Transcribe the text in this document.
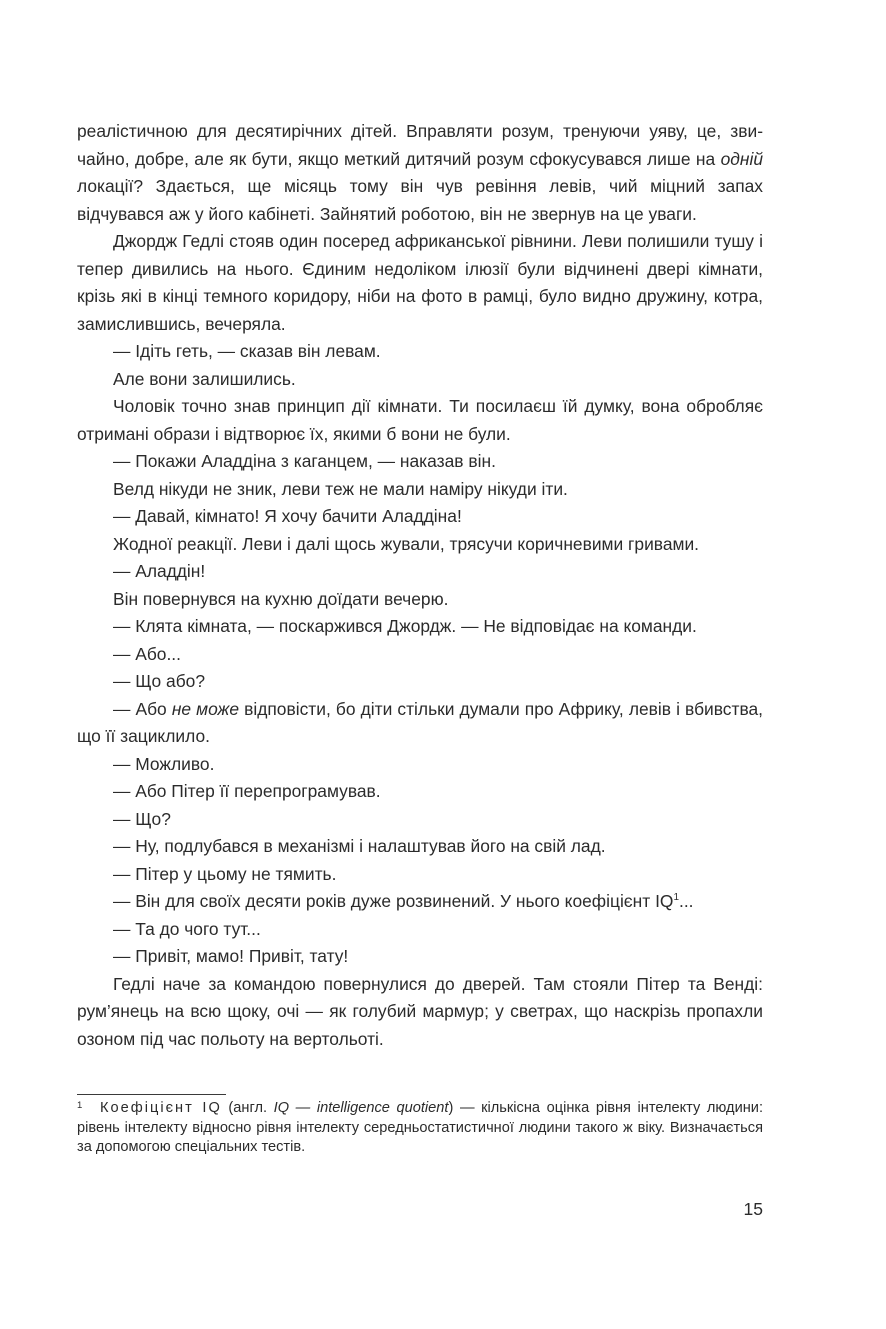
реалістичною для десятирічних дітей. Вправляти розум, тренуючи уяву, це, звичайно, добре, але як бути, якщо меткий дитячий розум сфокусувався лише на одній локації? Здається, ще місяць тому він чув ревіння левів, чий міцний запах відчувався аж у його кабінеті. Зайнятий роботою, він не звернув на це уваги.

Джордж Гедлі стояв один посеред африканської рівнини. Леви полишили тушу і тепер дивились на нього. Єдиним недоліком ілюзії були відчинені двері кімнати, крізь які в кінці темного коридору, ніби на фото в рамці, було видно дружину, котра, замислившись, вечеряла.

— Ідіть геть, — сказав він левам.

Але вони залишились.

Чоловік точно знав принцип дії кімнати. Ти посилаєш їй думку, вона обробляє отримані образи і відтворює їх, якими б вони не були.

— Покажи Аладдіна з каганцем, — наказав він.

Велд нікуди не зник, леви теж не мали наміру нікуди іти.

— Давай, кімнато! Я хочу бачити Аладдіна!

Жодної реакції. Леви і далі щось жували, трясучи коричневими гривами.

— Аладдін!

Він повернувся на кухню доїдати вечерю.

— Клята кімната, — поскаржився Джордж. — Не відповідає на команди.

— Або...

— Що або?

— Або не може відповісти, бо діти стільки думали про Африку, левів і вбивства, що її зациклило.

— Можливо.

— Або Пітер її перепрограмував.

— Що?

— Ну, подлубався в механізмі і налаштував його на свій лад.

— Пітер у цьому не тямить.

— Він для своїх десяти років дуже розвинений. У нього коефіцієнт IQ$^1$...

— Та до чого тут...

— Привіт, мамо! Привіт, тату!

Гедлі наче за командою повернулися до дверей. Там стояли Пітер та Венді: рум’янець на всю щоку, очі — як голубий мармур; у светрах, що наскрізь пропахли озоном під час польоту на вертольоті.

1 Коефіцієнт IQ (англ. IQ — intelligence quotient) — кількісна оцінка рівня інтелекту людини: рівень інтелекту відносно рівня інтелекту середньостатистичної людини такого ж віку. Визначається за допомогою спеціальних тестів.
15
